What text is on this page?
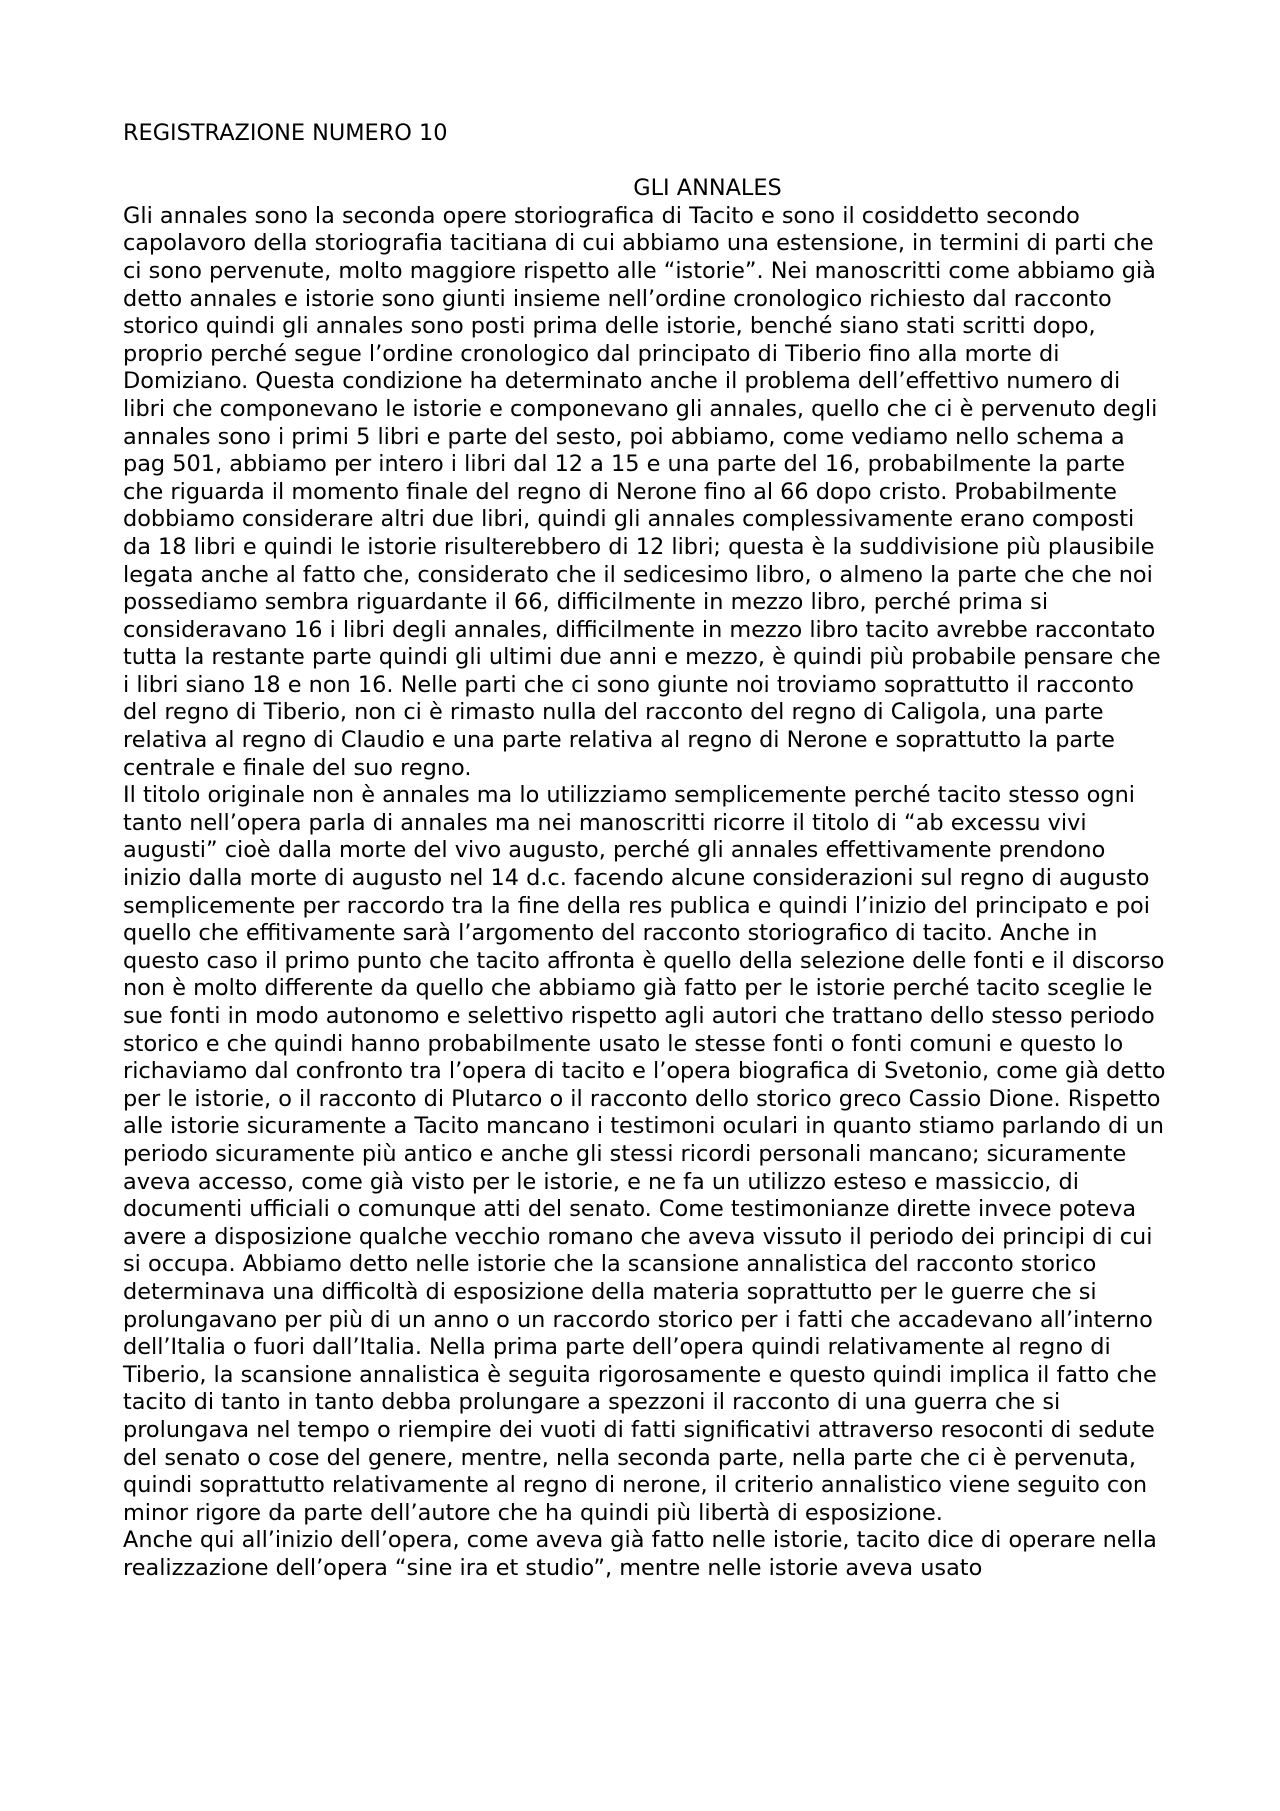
REGISTRAZIONE NUMERO 10

GLI ANNALES

Gli annales sono la seconda opere storiografica di Tacito e sono il cosiddetto secondo capolavoro della storiografia tacitiana di cui abbiamo una estensione, in termini di parti che ci sono pervenute, molto maggiore rispetto alle “istorie”. Nei manoscritti come abbiamo già detto annales e istorie sono giunti insieme nell’ordine cronologico richiesto dal racconto storico quindi gli annales sono posti prima delle istorie, benché siano stati scritti dopo, proprio perché segue l’ordine cronologico dal principato di Tiberio fino alla morte di Domiziano. Questa condizione ha determinato anche il problema dell’effettivo numero di libri che componevano le istorie e componevano gli annales, quello che ci è pervenuto degli annales sono i primi 5 libri e parte del sesto, poi abbiamo, come vediamo nello schema a pag 501, abbiamo per intero i libri dal 12 a 15 e una parte del 16, probabilmente la parte che riguarda il momento finale del regno di Nerone fino al 66 dopo cristo. Probabilmente dobbiamo considerare altri due libri, quindi gli annales complessivamente erano composti da 18 libri e quindi le istorie risulterebbero di 12 libri; questa è la suddivisione più plausibile legata anche al fatto che, considerato che il sedicesimo libro, o almeno la parte che che noi possediamo sembra riguardante il 66, difficilmente in mezzo libro, perché prima si consideravano 16 i libri degli annales, difficilmente in mezzo libro tacito avrebbe raccontato tutta la restante parte quindi gli ultimi due anni e mezzo, è quindi più probabile pensare che i libri siano 18 e non 16. Nelle parti che ci sono giunte noi troviamo soprattutto il racconto del regno di Tiberio, non ci è rimasto nulla del racconto del regno di Caligola, una parte relativa al regno di Claudio e una parte relativa al regno di Nerone e soprattutto la parte centrale e finale del suo regno.

Il titolo originale non è annales ma lo utilizziamo semplicemente perché tacito stesso ogni tanto nell’opera parla di annales ma nei manoscritti ricorre il titolo di “ab excessu vivi augusti” cioè dalla morte del vivo augusto, perché gli annales effettivamente prendono inizio dalla morte di augusto nel 14 d.c. facendo alcune considerazioni sul regno di augusto semplicemente per raccordo tra la fine della res publica e quindi l’inizio del principato e poi quello che effitivamente sarà l’argomento del racconto storiografico di tacito. Anche in questo caso il primo punto che tacito affronta è quello della selezione delle fonti e il discorso non è molto differente da quello che abbiamo già fatto per le istorie perché tacito sceglie le sue fonti in modo autonomo e selettivo rispetto agli autori che trattano dello stesso periodo storico e che quindi hanno probabilmente usato le stesse fonti o fonti comuni e questo lo richaviamo dal confronto tra l’opera di tacito e l’opera biografica di Svetonio, come già detto per le istorie, o il racconto di Plutarco o il racconto dello storico greco Cassio Dione. Rispetto alle istorie sicuramente a Tacito mancano i testimoni oculari in quanto stiamo parlando di un periodo sicuramente più antico e anche gli stessi ricordi personali mancano; sicuramente aveva accesso, come già visto per le istorie, e ne fa un utilizzo esteso e massiccio, di documenti ufficiali o comunque atti del senato. Come testimonianze dirette invece poteva avere a disposizione qualche vecchio romano che aveva vissuto il periodo dei principi di cui si occupa. Abbiamo detto nelle istorie che la scansione annalistica del racconto storico determinava una difficoltà di esposizione della materia soprattutto per le guerre che si prolungavano per più di un anno o un raccordo storico per i fatti che accadevano all’interno dell’Italia o fuori dall’Italia. Nella prima parte dell’opera quindi relativamente al regno di Tiberio, la scansione annalistica è seguita rigorosamente e questo quindi implica il fatto che tacito di tanto in tanto debba prolungare a spezzoni il racconto di una guerra che si prolungava nel tempo o riempire dei vuoti di fatti significativi attraverso resoconti di sedute del senato o cose del genere, mentre, nella seconda parte, nella parte che ci è pervenuta, quindi soprattutto relativamente al regno di nerone, il criterio annalistico viene seguito con minor rigore da parte dell’autore che ha quindi più libertà di esposizione.

Anche qui all’inizio dell’opera, come aveva già fatto nelle istorie, tacito dice di operare nella realizzazione dell’opera “sine ira et studio”, mentre nelle istorie aveva usato
